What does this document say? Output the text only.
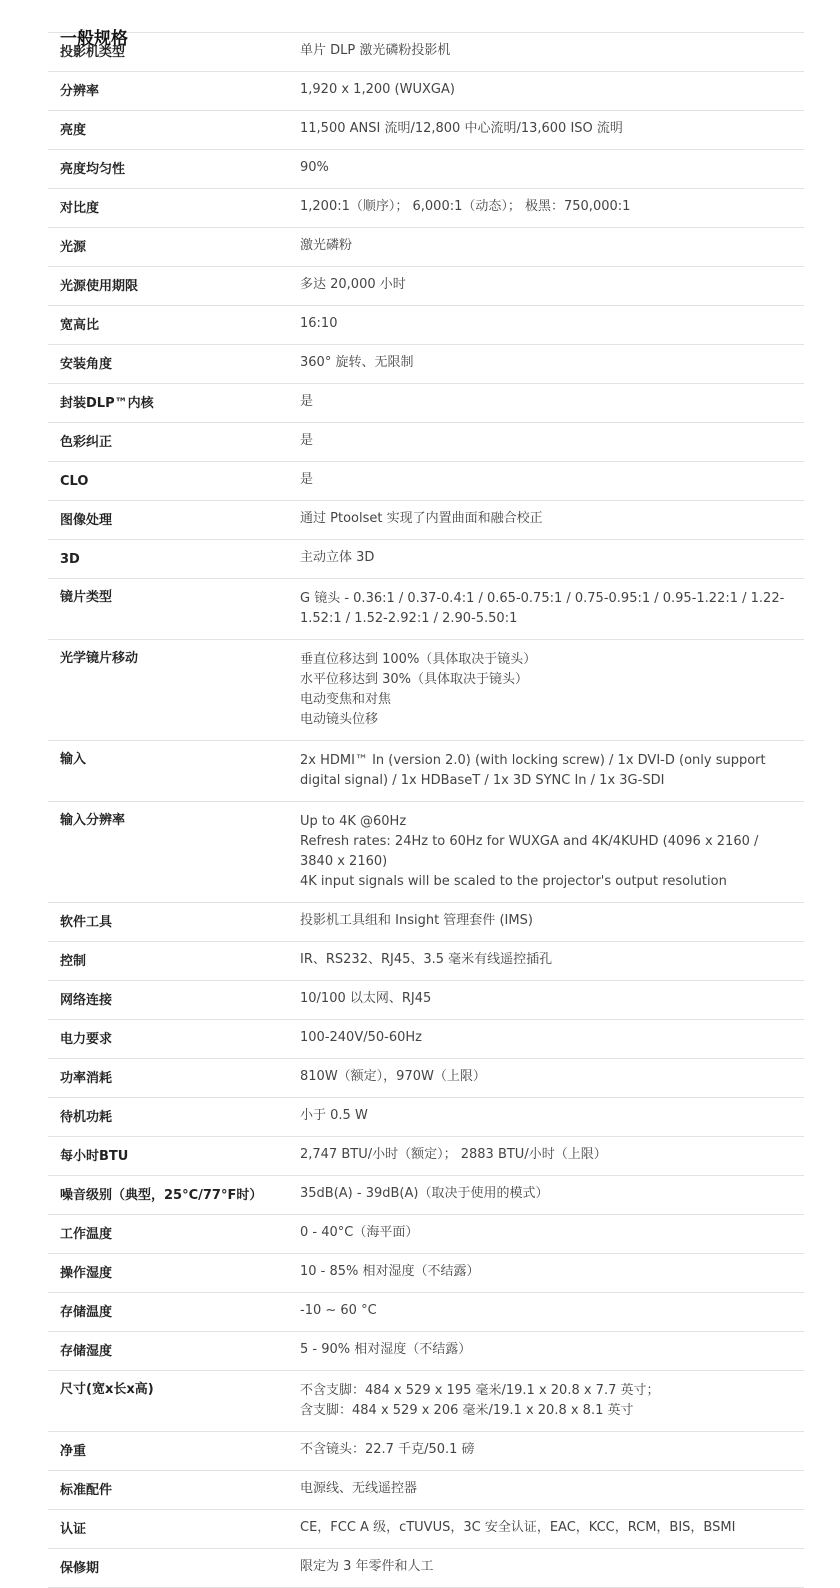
一般规格
投影机类型	单片 DLP 激光磷粉投影机
分辨率	1,920 x 1,200 (WUXGA)
亮度	11,500 ANSI 流明/12,800 中心流明/13,600 ISO 流明
亮度均匀性	90%
对比度	1,200:1（顺序）； 6,000:1（动态）； 极黑：750,000:1
光源	激光磷粉
光源使用期限	多达 20,000 小时
宽高比	16:10
安装角度	360° 旋转、无限制
封装DLP™内核	是
色彩纠正	是
CLO	是
图像处理	通过 Ptoolset 实现了内置曲面和融合校正
3D	主动立体 3D
镜片类型	G 镜头 - 0.36:1 / 0.37-0.4:1 / 0.65-0.75:1 / 0.75-0.95:1 / 0.95-1.22:1 / 1.22-1.52:1 / 1.52-2.92:1 / 2.90-5.50:1
光学镜片移动	垂直位移达到 100%（具体取决于镜头）
水平位移达到 30%（具体取决于镜头）
电动变焦和对焦
电动镜头位移
输入	2x HDMI™ In (version 2.0) (with locking screw) / 1x DVI-D (only support digital signal) / 1x HDBaseT / 1x 3D SYNC In / 1x 3G-SDI
输入分辨率	Up to 4K @60Hz
Refresh rates: 24Hz to 60Hz for WUXGA and 4K/4KUHD (4096 x 2160 / 3840 x 2160)
4K input signals will be scaled to the projector's output resolution
软件工具	投影机工具组和 Insight 管理套件 (IMS)
控制	IR、RS232、RJ45、3.5 毫米有线遥控插孔
网络连接	10/100 以太网、RJ45
电力要求	100-240V/50-60Hz
功率消耗	810W（额定），970W（上限）
待机功耗	小于 0.5 W
每小时BTU	2,747 BTU/小时（额定）； 2883 BTU/小时（上限）
噪音级别（典型，25°C/77°F时）	35dB(A) - 39dB(A)（取决于使用的模式）
工作温度	0 - 40°C（海平面）
操作湿度	10 - 85% 相对湿度（不结露）
存储温度	-10 ~ 60 °C
存储湿度	5 - 90% 相对湿度（不结露）
尺寸(宽x长x高)	不含支脚：484 x 529 x 195 毫米/19.1 x 20.8 x 7.7 英寸；
含支脚：484 x 529 x 206 毫米/19.1 x 20.8 x 8.1 英寸
净重	不含镜头：22.7 千克/50.1 磅
标准配件	电源线、无线遥控器
认证	CE，FCC A 级，cTUVUS，3C 安全认证，EAC，KCC，RCM，BIS，BSMI
保修期	限定为 3 年零件和人工
